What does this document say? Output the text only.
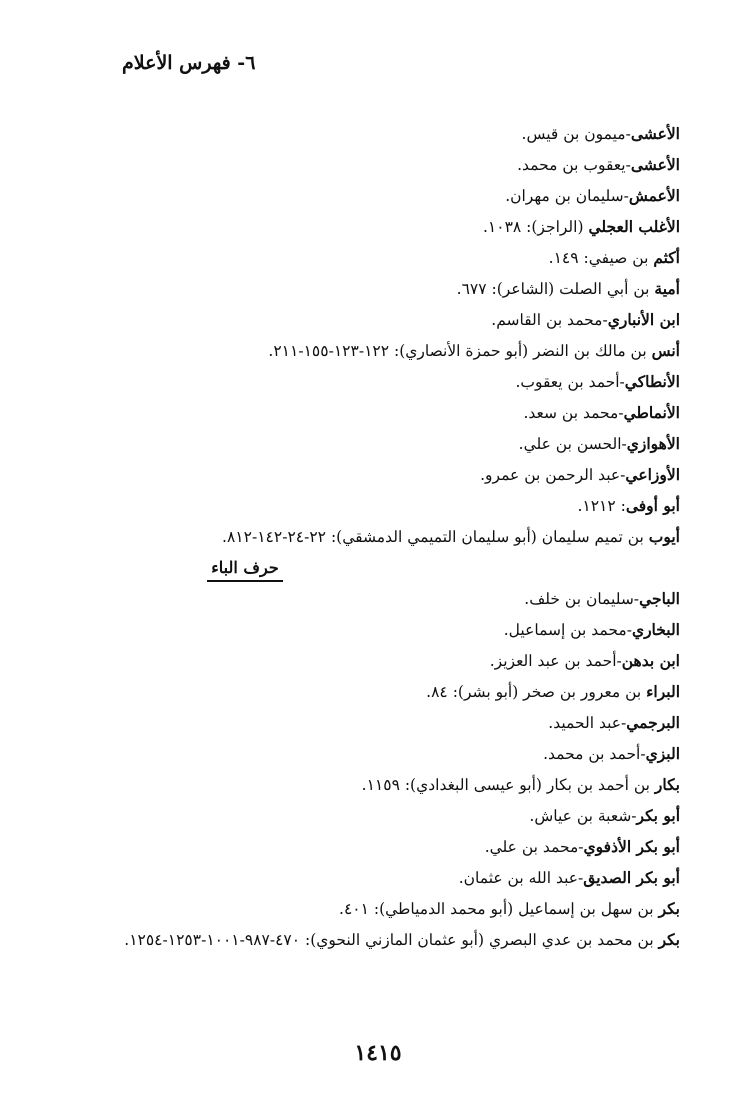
٦- فهرس الأعلام
الأعشى-ميمون بن قيس.
الأعشى-يعقوب بن محمد.
الأعمش-سليمان بن مهران.
الأغلب العجلي (الراجز): ١٠٣٨.
أكثم بن صيفي: ١٤٩.
أمية بن أبي الصلت (الشاعر): ٦٧٧.
ابن الأنباري-محمد بن القاسم.
أنس بن مالك بن النضر (أبو حمزة الأنصاري): ١٢٢-١٢٣-١٥٥-٢١١.
الأنطاكي-أحمد بن يعقوب.
الأنماطي-محمد بن سعد.
الأهوازي-الحسن بن علي.
الأوزاعي-عبد الرحمن بن عمرو.
أبو أوفى: ١٢١٢.
أيوب بن تميم سليمان (أبو سليمان التميمي الدمشقي): ٢٢-٢٤-١٤٢-٨١٢.
حرف الباء
الباجي-سليمان بن خلف.
البخاري-محمد بن إسماعيل.
ابن بدهن-أحمد بن عبد العزيز.
البراء بن معرور بن صخر (أبو بشر): ٨٤.
البرجمي-عبد الحميد.
البزي-أحمد بن محمد.
بكار بن أحمد بن بكار (أبو عيسى البغدادي): ١١٥٩.
أبو بكر-شعبة بن عياش.
أبو بكر الأذفوي-محمد بن علي.
أبو بكر الصديق-عبد الله بن عثمان.
بكر بن سهل بن إسماعيل (أبو محمد الدمياطي): ٤٠١.
بكر بن محمد بن عدي البصري (أبو عثمان المازني النحوي): ٤٧٠-٩٨٧-١٠٠١-١٢٥٣-١٢٥٤.
١٤١٥
